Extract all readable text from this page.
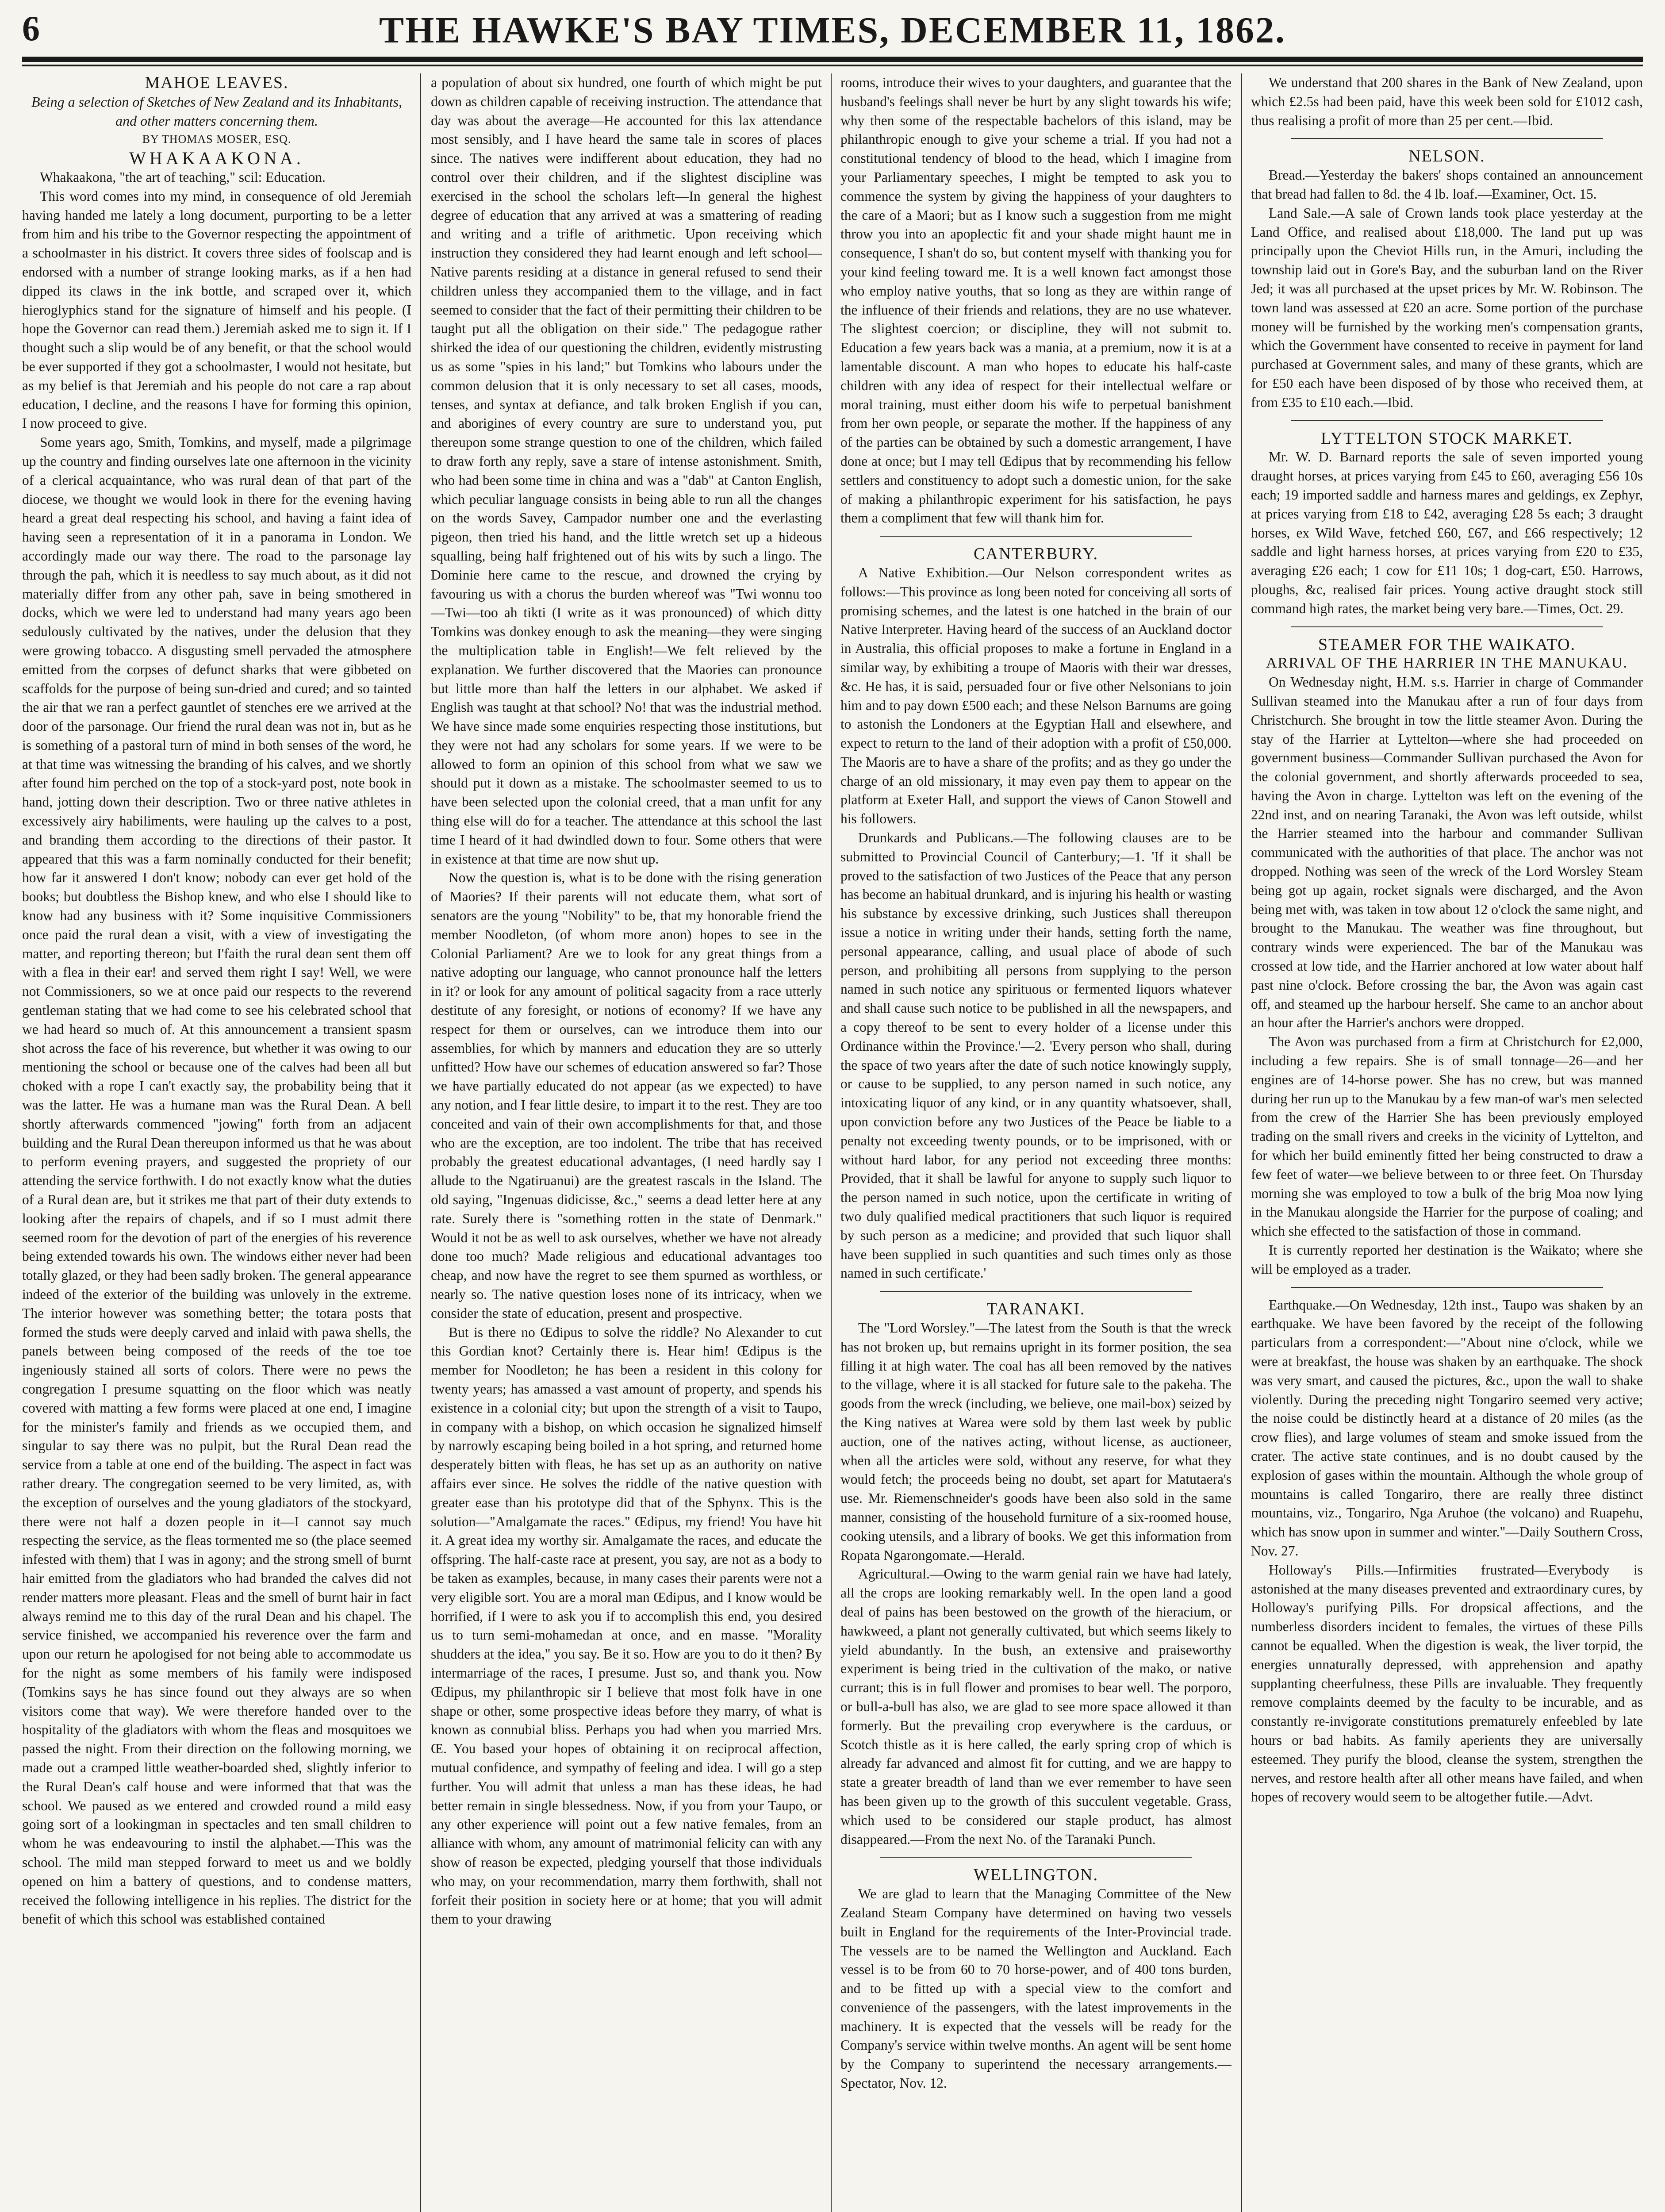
6	THE HAWKE'S BAY TIMES, DECEMBER 11, 1862.

MAHOE LEAVES.

Being a selection of Sketches of New Zealand and its Inhabitants, and other matters concerning them.

BY THOMAS MOSER, ESQ.

WHAKAAKONA.

Whakaakona, "the art of teaching," scil: Education.

This word comes into my mind, in consequence of old Jeremiah having handed me lately a long document, purporting to be a letter from him and his tribe to the Governor respecting the appointment of a schoolmaster in his district. It covers three sides of foolscap and is endorsed with a number of strange looking marks, as if a hen had dipped its claws in the ink bottle, and scraped over it, which hieroglyphics stand for the signature of himself and his people. (I hope the Governor can read them.) Jeremiah asked me to sign it. If I thought such a slip would be of any benefit, or that the school would be ever supported if they got a schoolmaster, I would not hesitate, but as my belief is that Jeremiah and his people do not care a rap about education, I decline, and the reasons I have for forming this opinion, I now proceed to give.

Some years ago, Smith, Tomkins, and myself, made a pilgrimage up the country and finding ourselves late one afternoon in the vicinity of a clerical acquaintance, who was rural dean of that part of the diocese, we thought we would look in there for the evening having heard a great deal respecting his school, and having a faint idea of having seen a representation of it in a panorama in London. We accordingly made our way there. The road to the parsonage lay through the pah, which it is needless to say much about, as it did not materially differ from any other pah, save in being smothered in docks, which we were led to understand had many years ago been sedulously cultivated by the natives, under the delusion that they were growing tobacco. A disgusting smell pervaded the atmosphere emitted from the corpses of defunct sharks that were gibbeted on scaffolds for the purpose of being sun-dried and cured; and so tainted the air that we ran a perfect gauntlet of stenches ere we arrived at the door of the parsonage. Our friend the rural dean was not in, but as he is something of a pastoral turn of mind in both senses of the word, he at that time was witnessing the branding of his calves, and we shortly after found him perched on the top of a stock-yard post, note book in hand, jotting down their description. Two or three native athletes in excessively airy habiliments, were hauling up the calves to a post, and branding them according to the directions of their pastor. It appeared that this was a farm nominally conducted for their benefit; how far it answered I don't know; nobody can ever get hold of the books; but doubtless the Bishop knew, and who else I should like to know had any business with it? Some inquisitive Commissioners once paid the rural dean a visit, with a view of investigating the matter, and reporting thereon; but I'faith the rural dean sent them off with a flea in their ear! and served them right I say! Well, we were not Commissioners, so we at once paid our respects to the reverend gentleman stating that we had come to see his celebrated school that we had heard so much of. At this announcement a transient spasm shot across the face of his reverence, but whether it was owing to our mentioning the school or because one of the calves had been all but choked with a rope I can't exactly say, the probability being that it was the latter. He was a humane man was the Rural Dean. A bell shortly afterwards commenced "jowing" forth from an adjacent building and the Rural Dean thereupon informed us that he was about to perform evening prayers, and suggested the propriety of our attending the service forthwith. I do not exactly know what the duties of a Rural dean are, but it strikes me that part of their duty extends to looking after the repairs of chapels, and if so I must admit there seemed room for the devotion of part of the energies of his reverence being extended towards his own. The windows either never had been totally glazed, or they had been sadly broken. The general appearance indeed of the exterior of the building was unlovely in the extreme. The interior however was something better; the totara posts that formed the studs were deeply carved and inlaid with pawa shells, the panels between being composed of the reeds of the toe toe ingeniously stained all sorts of colors. There were no pews the congregation I presume squatting on the floor which was neatly covered with matting a few forms were placed at one end, I imagine for the minister's family and friends as we occupied them, and singular to say there was no pulpit, but the Rural Dean read the service from a table at one end of the building. The aspect in fact was rather dreary. The congregation seemed to be very limited, as, with the exception of ourselves and the young gladiators of the stockyard, there were not half a dozen people in it—I cannot say much respecting the service, as the fleas tormented me so (the place seemed infested with them) that I was in agony; and the strong smell of burnt hair emitted from the gladiators who had branded the calves did not render matters more pleasant. Fleas and the smell of burnt hair in fact always remind me to this day of the rural Dean and his chapel. The service finished, we accompanied his reverence over the farm and upon our return he apologised for not being able to accommodate us for the night as some members of his family were indisposed (Tomkins says he has since found out they always are so when visitors come that way). We were therefore handed over to the hospitality of the gladiators with whom the fleas and mosquitoes we passed the night. From their direction on the following morning, we made out a cramped little weather-boarded shed, slightly inferior to the Rural Dean's calf house and were informed that that was the school. We paused as we entered and crowded round a mild easy going sort of a lookingman in spectacles and ten small children to whom he was endeavouring to instil the alphabet.—This was the school. The mild man stepped forward to meet us and we boldly opened on him a battery of questions, and to condense matters, received the following intelligence in his replies. The district for the benefit of which this school was established contained

a population of about six hundred, one fourth of which might be put down as children capable of receiving instruction. The attendance that day was about the average—He accounted for this lax attendance most sensibly, and I have heard the same tale in scores of places since. The natives were indifferent about education, they had no control over their children, and if the slightest discipline was exercised in the school the scholars left—In general the highest degree of education that any arrived at was a smattering of reading and writing and a trifle of arithmetic. Upon receiving which instruction they considered they had learnt enough and left school—Native parents residing at a distance in general refused to send their children unless they accompanied them to the village, and in fact seemed to consider that the fact of their permitting their children to be taught put all the obligation on their side." The pedagogue rather shirked the idea of our questioning the children, evidently mistrusting us as some "spies in his land;" but Tomkins who labours under the common delusion that it is only necessary to set all cases, moods, tenses, and syntax at defiance, and talk broken English if you can, and aborigines of every country are sure to understand you, put thereupon some strange question to one of the children, which failed to draw forth any reply, save a stare of intense astonishment. Smith, who had been some time in china and was a "dab" at Canton English, which peculiar language consists in being able to run all the changes on the words Savey, Campador number one and the everlasting pigeon, then tried his hand, and the little wretch set up a hideous squalling, being half frightened out of his wits by such a lingo. The Dominie here came to the rescue, and drowned the crying by favouring us with a chorus the burden whereof was "Twi wonnu too—Twi—too ah tikti (I write as it was pronounced) of which ditty Tomkins was donkey enough to ask the meaning—they were singing the multiplication table in English!—We felt relieved by the explanation. We further discovered that the Maories can pronounce but little more than half the letters in our alphabet. We asked if English was taught at that school? No! that was the industrial method. We have since made some enquiries respecting those institutions, but they were not had any scholars for some years. If we were to be allowed to form an opinion of this school from what we saw we should put it down as a mistake. The schoolmaster seemed to us to have been selected upon the colonial creed, that a man unfit for any thing else will do for a teacher. The attendance at this school the last time I heard of it had dwindled down to four. Some others that were in existence at that time are now shut up.

Now the question is, what is to be done with the rising generation of Maories? If their parents will not educate them, what sort of senators are the young "Nobility" to be, that my honorable friend the member Noodleton, (of whom more anon) hopes to see in the Colonial Parliament? Are we to look for any great things from a native adopting our language, who cannot pronounce half the letters in it? or look for any amount of political sagacity from a race utterly destitute of any foresight, or notions of economy? If we have any respect for them or ourselves, can we introduce them into our assemblies, for which by manners and education they are so utterly unfitted? How have our schemes of education answered so far? Those we have partially educated do not appear (as we expected) to have any notion, and I fear little desire, to impart it to the rest. They are too conceited and vain of their own accomplishments for that, and those who are the exception, are too indolent. The tribe that has received probably the greatest educational advantages, (I need hardly say I allude to the Ngatiruanui) are the greatest rascals in the Island. The old saying, "Ingenuas didicisse, &c.," seems a dead letter here at any rate. Surely there is "something rotten in the state of Denmark." Would it not be as well to ask ourselves, whether we have not already done too much? Made religious and educational advantages too cheap, and now have the regret to see them spurned as worthless, or nearly so. The native question loses none of its intricacy, when we consider the state of education, present and prospective.

But is there no Œdipus to solve the riddle? No Alexander to cut this Gordian knot? Certainly there is. Hear him! Œdipus is the member for Noodleton; he has been a resident in this colony for twenty years; has amassed a vast amount of property, and spends his existence in a colonial city; but upon the strength of a visit to Taupo, in company with a bishop, on which occasion he signalized himself by narrowly escaping being boiled in a hot spring, and returned home desperately bitten with fleas, he has set up as an authority on native affairs ever since. He solves the riddle of the native question with greater ease than his prototype did that of the Sphynx. This is the solution—"Amalgamate the races." Œdipus, my friend! You have hit it. A great idea my worthy sir. Amalgamate the races, and educate the offspring. The half-caste race at present, you say, are not as a body to be taken as examples, because, in many cases their parents were not a very eligible sort. You are a moral man Œdipus, and I know would be horrified, if I were to ask you if to accomplish this end, you desired us to turn semi-mohamedan at once, and en masse. "Morality shudders at the idea," you say. Be it so. How are you to do it then? By intermarriage of the races, I presume. Just so, and thank you. Now Œdipus, my philanthropic sir I believe that most folk have in one shape or other, some prospective ideas before they marry, of what is known as connubial bliss. Perhaps you had when you married Mrs. Œ. You based your hopes of obtaining it on reciprocal affection, mutual confidence, and sympathy of feeling and idea. I will go a step further. You will admit that unless a man has these ideas, he had better remain in single blessedness. Now, if you from your Taupo, or any other experience will point out a few native females, from an alliance with whom, any amount of matrimonial felicity can with any show of reason be expected, pledging yourself that those individuals who may, on your recommendation, marry them forthwith, shall not forfeit their position in society here or at home; that you will admit them to your drawing

rooms, introduce their wives to your daughters, and guarantee that the husband's feelings shall never be hurt by any slight towards his wife; why then some of the respectable bachelors of this island, may be philanthropic enough to give your scheme a trial. If you had not a constitutional tendency of blood to the head, which I imagine from your Parliamentary speeches, I might be tempted to ask you to commence the system by giving the happiness of your daughters to the care of a Maori; but as I know such a suggestion from me might throw you into an apoplectic fit and your shade might haunt me in consequence, I shan't do so, but content myself with thanking you for your kind feeling toward me. It is a well known fact amongst those who employ native youths, that so long as they are within range of the influence of their friends and relations, they are no use whatever. The slightest coercion; or discipline, they will not submit to. Education a few years back was a mania, at a premium, now it is at a lamentable discount. A man who hopes to educate his half-caste children with any idea of respect for their intellectual welfare or moral training, must either doom his wife to perpetual banishment from her own people, or separate the mother. If the happiness of any of the parties can be obtained by such a domestic arrangement, I have done at once; but I may tell Œdipus that by recommending his fellow settlers and constituency to adopt such a domestic union, for the sake of making a philanthropic experiment for his satisfaction, he pays them a compliment that few will thank him for.

CANTERBURY.

A Native Exhibition.—Our Nelson correspondent writes as follows:—This province as long been noted for conceiving all sorts of promising schemes, and the latest is one hatched in the brain of our Native Interpreter. Having heard of the success of an Auckland doctor in Australia, this official proposes to make a fortune in England in a similar way, by exhibiting a troupe of Maoris with their war dresses, &c. He has, it is said, persuaded four or five other Nelsonians to join him and to pay down £500 each; and these Nelson Barnums are going to astonish the Londoners at the Egyptian Hall and elsewhere, and expect to return to the land of their adoption with a profit of £50,000. The Maoris are to have a share of the profits; and as they go under the charge of an old missionary, it may even pay them to appear on the platform at Exeter Hall, and support the views of Canon Stowell and his followers.

Drunkards and Publicans.—The following clauses are to be submitted to Provincial Council of Canterbury;—1. 'If it shall be proved to the satisfaction of two Justices of the Peace that any person has become an habitual drunkard, and is injuring his health or wasting his substance by excessive drinking, such Justices shall thereupon issue a notice in writing under their hands, setting forth the name, personal appearance, calling, and usual place of abode of such person, and prohibiting all persons from supplying to the person named in such notice any spirituous or fermented liquors whatever and shall cause such notice to be published in all the newspapers, and a copy thereof to be sent to every holder of a license under this Ordinance within the Province.'—2. 'Every person who shall, during the space of two years after the date of such notice knowingly supply, or cause to be supplied, to any person named in such notice, any intoxicating liquor of any kind, or in any quantity whatsoever, shall, upon conviction before any two Justices of the Peace be liable to a penalty not exceeding twenty pounds, or to be imprisoned, with or without hard labor, for any period not exceeding three months: Provided, that it shall be lawful for anyone to supply such liquor to the person named in such notice, upon the certificate in writing of two duly qualified medical practitioners that such liquor is required by such person as a medicine; and provided that such liquor shall have been supplied in such quantities and such times only as those named in such certificate.'

TARANAKI.

The "Lord Worsley."—The latest from the South is that the wreck has not broken up, but remains upright in its former position, the sea filling it at high water. The coal has all been removed by the natives to the village, where it is all stacked for future sale to the pakeha. The goods from the wreck (including, we believe, one mail-box) seized by the King natives at Warea were sold by them last week by public auction, one of the natives acting, without license, as auctioneer, when all the articles were sold, without any reserve, for what they would fetch; the proceeds being no doubt, set apart for Matutaera's use. Mr. Riemenschneider's goods have been also sold in the same manner, consisting of the household furniture of a six-roomed house, cooking utensils, and a library of books. We get this information from Ropata Ngarongomate.—Herald.

Agricultural.—Owing to the warm genial rain we have had lately, all the crops are looking remarkably well. In the open land a good deal of pains has been bestowed on the growth of the hieracium, or hawkweed, a plant not generally cultivated, but which seems likely to yield abundantly. In the bush, an extensive and praiseworthy experiment is being tried in the cultivation of the mako, or native currant; this is in full flower and promises to bear well. The porporo, or bull-a-bull has also, we are glad to see more space allowed it than formerly. But the prevailing crop everywhere is the carduus, or Scotch thistle as it is here called, the early spring crop of which is already far advanced and almost fit for cutting, and we are happy to state a greater breadth of land than we ever remember to have seen has been given up to the growth of this succulent vegetable. Grass, which used to be considered our staple product, has almost disappeared.—From the next No. of the Taranaki Punch.

WELLINGTON.

We are glad to learn that the Managing Committee of the New Zealand Steam Company have determined on having two vessels built in England for the requirements of the Inter-Provincial trade. The vessels are to be named the Wellington and Auckland. Each vessel is to be from 60 to 70 horse-power, and of 400 tons burden, and to be fitted up with a special view to the comfort and convenience of the passengers, with the latest improvements in the machinery. It is expected that the vessels will be ready for the Company's service within twelve months. An agent will be sent home by the Company to superintend the necessary arrangements.—Spectator, Nov. 12.

We understand that 200 shares in the Bank of New Zealand, upon which £2.5s had been paid, have this week been sold for £1012 cash, thus realising a profit of more than 25 per cent.—Ibid.

NELSON.

Bread.—Yesterday the bakers' shops contained an announcement that bread had fallen to 8d. the 4 lb. loaf.—Examiner, Oct. 15.

Land Sale.—A sale of Crown lands took place yesterday at the Land Office, and realised about £18,000. The land put up was principally upon the Cheviot Hills run, in the Amuri, including the township laid out in Gore's Bay, and the suburban land on the River Jed; it was all purchased at the upset prices by Mr. W. Robinson. The town land was assessed at £20 an acre. Some portion of the purchase money will be furnished by the working men's compensation grants, which the Government have consented to receive in payment for land purchased at Government sales, and many of these grants, which are for £50 each have been disposed of by those who received them, at from £35 to £10 each.—Ibid.

LYTTELTON STOCK MARKET.

Mr. W. D. Barnard reports the sale of seven imported young draught horses, at prices varying from £45 to £60, averaging £56 10s each; 19 imported saddle and harness mares and geldings, ex Zephyr, at prices varying from £18 to £42, averaging £28 5s each; 3 draught horses, ex Wild Wave, fetched £60, £67, and £66 respectively; 12 saddle and light harness horses, at prices varying from £20 to £35, averaging £26 each; 1 cow for £11 10s; 1 dog-cart, £50. Harrows, ploughs, &c, realised fair prices. Young active draught stock still command high rates, the market being very bare.—Times, Oct. 29.

STEAMER FOR THE WAIKATO.

ARRIVAL OF THE HARRIER IN THE MANUKAU.

On Wednesday night, H.M. s.s. Harrier in charge of Commander Sullivan steamed into the Manukau after a run of four days from Christchurch. She brought in tow the little steamer Avon. During the stay of the Harrier at Lyttelton—where she had proceeded on government business—Commander Sullivan purchased the Avon for the colonial government, and shortly afterwards proceeded to sea, having the Avon in charge. Lyttelton was left on the evening of the 22nd inst, and on nearing Taranaki, the Avon was left outside, whilst the Harrier steamed into the harbour and commander Sullivan communicated with the authorities of that place. The anchor was not dropped. Nothing was seen of the wreck of the Lord Worsley Steam being got up again, rocket signals were discharged, and the Avon being met with, was taken in tow about 12 o'clock the same night, and brought to the Manukau. The weather was fine throughout, but contrary winds were experienced. The bar of the Manukau was crossed at low tide, and the Harrier anchored at low water about half past nine o'clock. Before crossing the bar, the Avon was again cast off, and steamed up the harbour herself. She came to an anchor about an hour after the Harrier's anchors were dropped.

The Avon was purchased from a firm at Christchurch for £2,000, including a few repairs. She is of small tonnage—26—and her engines are of 14-horse power. She has no crew, but was manned during her run up to the Manukau by a few man-of war's men selected from the crew of the Harrier She has been previously employed trading on the small rivers and creeks in the vicinity of Lyttelton, and for which her build eminently fitted her being constructed to draw a few feet of water—we believe between to or three feet. On Thursday morning she was employed to tow a bulk of the brig Moa now lying in the Manukau alongside the Harrier for the purpose of coaling; and which she effected to the satisfaction of those in command.

It is currently reported her destination is the Waikato; where she will be employed as a trader.

Earthquake.—On Wednesday, 12th inst., Taupo was shaken by an earthquake. We have been favored by the receipt of the following particulars from a correspondent:—"About nine o'clock, while we were at breakfast, the house was shaken by an earthquake. The shock was very smart, and caused the pictures, &c., upon the wall to shake violently. During the preceding night Tongariro seemed very active; the noise could be distinctly heard at a distance of 20 miles (as the crow flies), and large volumes of steam and smoke issued from the crater. The active state continues, and is no doubt caused by the explosion of gases within the mountain. Although the whole group of mountains is called Tongariro, there are really three distinct mountains, viz., Tongariro, Nga Aruhoe (the volcano) and Ruapehu, which has snow upon in summer and winter."—Daily Southern Cross, Nov. 27.

Holloway's Pills.—Infirmities frustrated—Everybody is astonished at the many diseases prevented and extraordinary cures, by Holloway's purifying Pills. For dropsical affections, and the numberless disorders incident to females, the virtues of these Pills cannot be equalled. When the digestion is weak, the liver torpid, the energies unnaturally depressed, with apprehension and apathy supplanting cheerfulness, these Pills are invaluable. They frequently remove complaints deemed by the faculty to be incurable, and as constantly re-invigorate constitutions prematurely enfeebled by late hours or bad habits. As family aperients they are universally esteemed. They purify the blood, cleanse the system, strengthen the nerves, and restore health after all other means have failed, and when hopes of recovery would seem to be altogether futile.—Advt.
